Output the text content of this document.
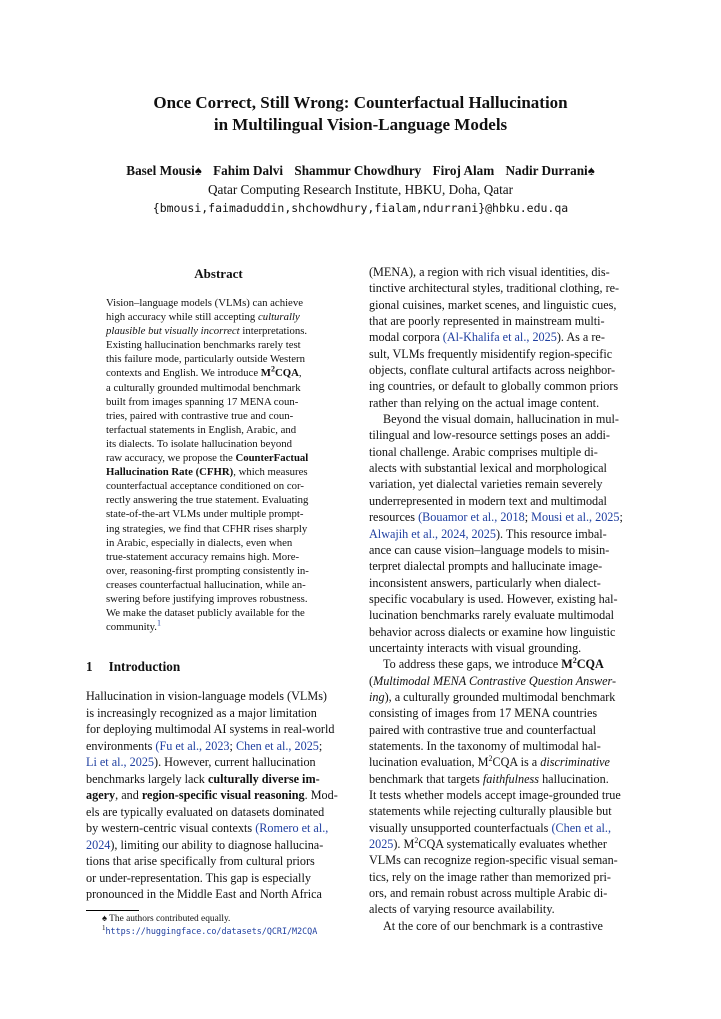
Once Correct, Still Wrong: Counterfactual Hallucination
in Multilingual Vision-Language Models
Basel Mousi♠ Fahim Dalvi Shammur Chowdhury Firoj Alam Nadir Durrani♠
Qatar Computing Research Institute, HBKU, Doha, Qatar
{bmousi,faimaduddin,shchowdhury,fialam,ndurrani}@hbku.edu.qa
Abstract
Vision–language models (VLMs) can achieve
high accuracy while still accepting culturally
plausible but visually incorrect interpretations.
Existing hallucination benchmarks rarely test
this failure mode, particularly outside Western
contexts and English. We introduce $M^2CQA$,
a culturally grounded multimodal benchmark
built from images spanning 17 MENA coun-
tries, paired with contrastive true and coun-
terfactual statements in English, Arabic, and
its dialects. To isolate hallucination beyond
raw accuracy, we propose the CounterFactual
Hallucination Rate (CFHR), which measures
counterfactual acceptance conditioned on cor-
rectly answering the true statement. Evaluating
state-of-the-art VLMs under multiple prompt-
ing strategies, we find that CFHR rises sharply
in Arabic, especially in dialects, even when
true-statement accuracy remains high. More-
over, reasoning-first prompting consistently in-
creases counterfactual hallucination, while an-
swering before justifying improves robustness.
We make the dataset publicly available for the
community.$^1$
1 Introduction
Hallucination in vision-language models (VLMs)
is increasingly recognized as a major limitation
for deploying multimodal AI systems in real-world
environments (Fu et al., 2023; Chen et al., 2025;
Li et al., 2025). However, current hallucination
benchmarks largely lack culturally diverse im-
agery, and region-specific visual reasoning. Mod-
els are typically evaluated on datasets dominated
by western-centric visual contexts (Romero et al.,
2024), limiting our ability to diagnose hallucina-
tions that arise specifically from cultural priors
or under-representation. This gap is especially
pronounced in the Middle East and North Africa
(MENA), a region with rich visual identities, dis-
tinctive architectural styles, traditional clothing, re-
gional cuisines, market scenes, and linguistic cues,
that are poorly represented in mainstream multi-
modal corpora (Al-Khalifa et al., 2025). As a re-
sult, VLMs frequently misidentify region-specific
objects, conflate cultural artifacts across neighbor-
ing countries, or default to globally common priors
rather than relying on the actual image content.
Beyond the visual domain, hallucination in mul-
tilingual and low-resource settings poses an addi-
tional challenge. Arabic comprises multiple di-
alects with substantial lexical and morphological
variation, yet dialectal varieties remain severely
underrepresented in modern text and multimodal
resources (Bouamor et al., 2018; Mousi et al., 2025;
Alwajih et al., 2024, 2025). This resource imbal-
ance can cause vision–language models to misin-
terpret dialectal prompts and hallucinate image-
inconsistent answers, particularly when dialect-
specific vocabulary is used. However, existing hal-
lucination benchmarks rarely evaluate multimodal
behavior across dialects or examine how linguistic
uncertainty interacts with visual grounding.
To address these gaps, we introduce $M^2CQA$
(Multimodal MENA Contrastive Question Answer-
ing), a culturally grounded multimodal benchmark
consisting of images from 17 MENA countries
paired with contrastive true and counterfactual
statements. In the taxonomy of multimodal hal-
lucination evaluation, $M^2CQA$ is a discriminative
benchmark that targets faithfulness hallucination.
It tests whether models accept image-grounded true
statements while rejecting culturally plausible but
visually unsupported counterfactuals (Chen et al.,
2025). $M^2CQA$ systematically evaluates whether
VLMs can recognize region-specific visual seman-
tics, rely on the image rather than memorized pri-
ors, and remain robust across multiple Arabic di-
alects of varying resource availability.
At the core of our benchmark is a contrastive
♠ The authors contributed equally.
$^1$https://huggingface.co/datasets/QCRI/M2CQA
